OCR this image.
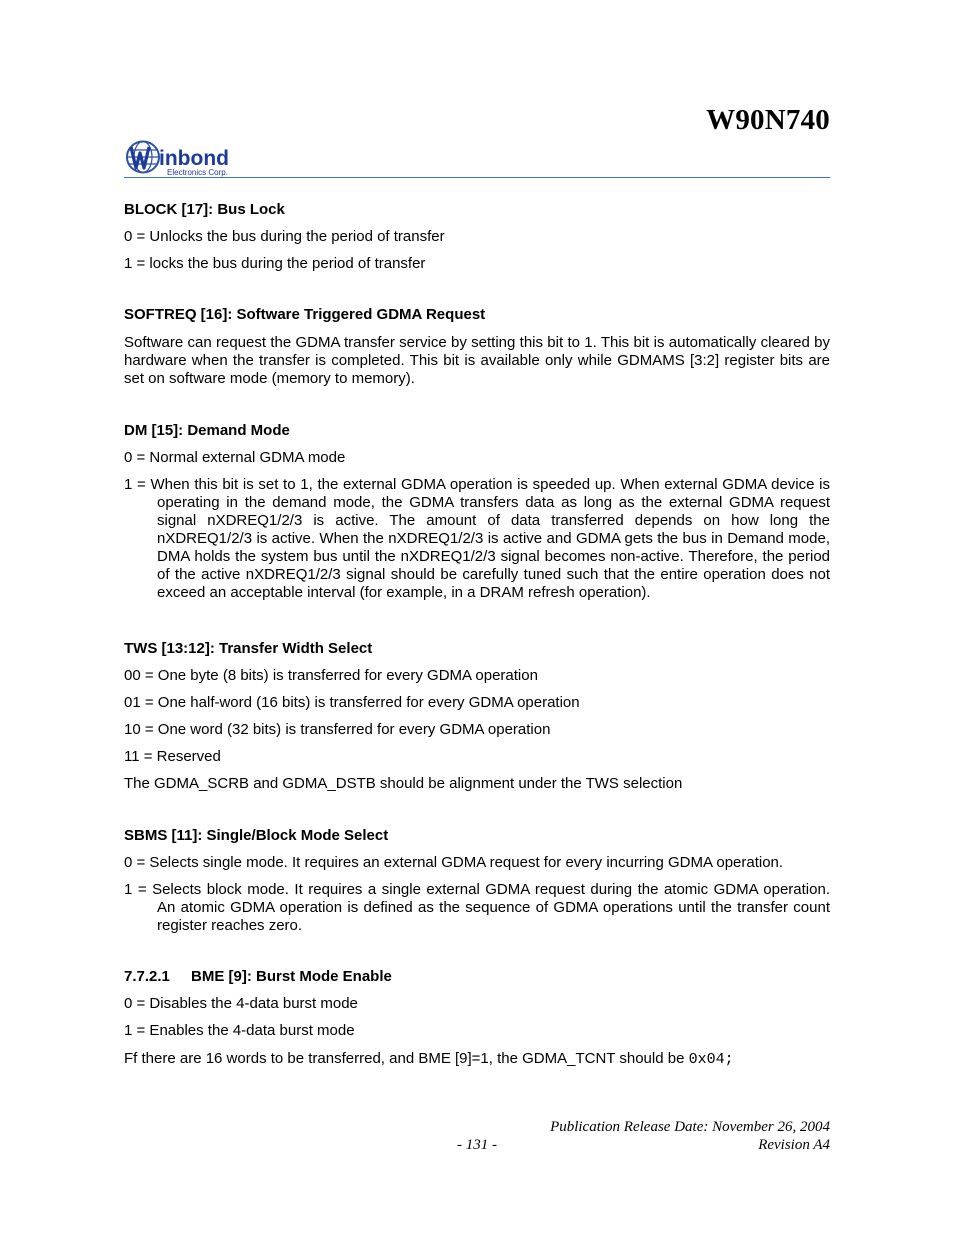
W90N740
inbond
Electronics Corp.
BLOCK [17]: Bus Lock
0 = Unlocks the bus during the period of transfer
1 = locks the bus during the period of transfer
SOFTREQ [16]: Software Triggered GDMA Request
Software can request the GDMA transfer service by setting this bit to 1. This bit is automatically cleared by hardware when the transfer is completed. This bit is available only while GDMAMS [3:2] register bits are set on software mode (memory to memory).
DM [15]: Demand Mode
0 = Normal external GDMA mode
1 = When this bit is set to 1, the external GDMA operation is speeded up. When external GDMA device is operating in the demand mode, the GDMA transfers data as long as the external GDMA request signal nXDREQ1/2/3 is active. The amount of data transferred depends on how long the nXDREQ1/2/3 is active. When the nXDREQ1/2/3 is active and GDMA gets the bus in Demand mode, DMA holds the system bus until the nXDREQ1/2/3 signal becomes non-active. Therefore, the period of the active nXDREQ1/2/3 signal should be carefully tuned such that the entire operation does not exceed an acceptable interval (for example, in a DRAM refresh operation).
TWS [13:12]: Transfer Width Select
00 = One byte (8 bits) is transferred for every GDMA operation
01 = One half-word (16 bits) is transferred for every GDMA operation
10 = One word (32 bits) is transferred for every GDMA operation
11 = Reserved
The GDMA_SCRB and GDMA_DSTB should be alignment under the TWS selection
SBMS [11]: Single/Block Mode Select
0 = Selects single mode. It requires an external GDMA request for every incurring GDMA operation.
1 = Selects block mode. It requires a single external GDMA request during the atomic GDMA operation. An atomic GDMA operation is defined as the sequence of GDMA operations until the transfer count register reaches zero.
7.7.2.1 BME [9]: Burst Mode Enable
0 = Disables the 4-data burst mode
1 = Enables the 4-data burst mode
Ff there are 16 words to be transferred, and BME [9]=1, the GDMA_TCNT should be 0x04;
Publication Release Date: November 26, 2004
- 131 -	Revision A4
